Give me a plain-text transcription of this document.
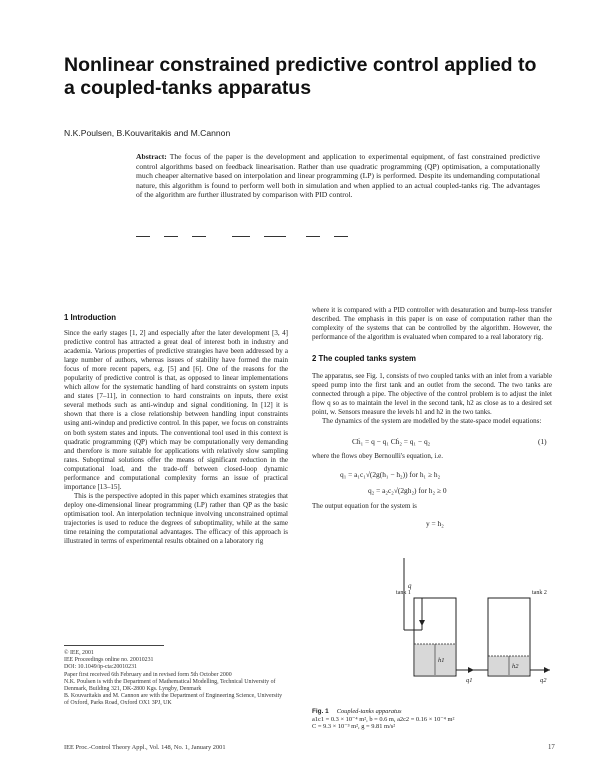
Nonlinear constrained predictive control applied to
a coupled-tanks apparatus
N.K.Poulsen, B.Kouvaritakis and M.Cannon
Abstract: The focus of the paper is the development and application to experimental equipment, of fast constrained predictive control algorithms based on feedback linearisation. Rather than use quadratic programming (QP) optimisation, a computationally much cheaper alternative based on interpolation and linear programming (LP) is performed. Despite its undemanding computational nature, this algorithm is found to perform well both in simulation and when applied to an actual coupled-tanks rig. The advantages of the algorithm are further illustrated by comparison with PID control.
1 Introduction

Since the early stages [1, 2] and especially after the later development [3, 4] predictive control has attracted a great deal of interest both in industry and academia. Various properties of predictive strategies have been addressed by a large number of authors, whereas issues of stability have formed the main focus of more recent papers, e.g. [5] and [6]. One of the reasons for the popularity of predictive control is that, as opposed to linear implementations which allow for the systematic handling of hard constraints on system inputs and states [7–11], in connection to hard constraints on inputs, there exist several methods such as anti-windup and signal conditioning. In [12] it is shown that there is a close relationship between handling input constraints using anti-windup and predictive control. In this paper, we focus on constraints on both system states and inputs. The conventional tool used in this context is quadratic programming (QP) which may be computationally very demanding and therefore is more suitable for applications with relatively slow sampling rates. Suboptimal solutions offer the means of significant reduction in the computational load, and the trade-off between closed-loop dynamic performance and computational complexity forms an issue of practical importance [13–15].

This is the perspective adopted in this paper which examines strategies that deploy one-dimensional linear programming (LP) rather than QP as the basic optimisation tool. An interpolation technique involving unconstrained optimal trajectories is used to reduce the degrees of suboptimality, while at the same time retaining the computational advantages. The efficacy of this approach is illustrated in terms of experimental results obtained on a laboratory rig

© IEE, 2001
IEE Proceedings online no. 20010231
DOI: 10.1049/ip-cta:20010231
Paper first received 6th February and in revised form 5th October 2000
N.K. Poulsen is with the Department of Mathematical Modelling, Technical University of Denmark, Building 321, DK-2800 Kgs. Lyngby, Denmark
B. Kouvaritakis and M. Cannon are with the Department of Engineering Science, University of Oxford, Parks Road, Oxford OX1 3PJ, UK

where it is compared with a PID controller with desaturation and bump-less transfer described. The emphasis in this paper is on ease of computation rather than the complexity of the systems that can be controlled by the algorithm. However, the performance of the algorithm is evaluated when compared to a real laboratory rig.

2 The coupled tanks system

The apparatus, see Fig. 1, consists of two coupled tanks with an inlet from a variable speed pump into the first tank and an outlet from the second. The two tanks are connected through a pipe. The objective of the control problem is to adjust the inlet flow q so as to maintain the level in the second tank, h2 as close as to a desired set point, w. Sensors measure the levels h1 and h2 in the two tanks.

The dynamics of the system are modelled by the state-space model equations:

Cḣ₁ = q − q₁ Cḣ₂ = q₁ − q₂	(1)
where the flows obey Bernoulli's equation, i.e.
q₁ = a₁c₁√(2g(h₁ − h₂)) for h₁ ≥ h₂
q₂ = a₂c₂√(2gh₂) for h₂ ≥ 0
The output equation for the system is
y = h₂
q
tank 1	tank 2
h1
h2
q1	q2
Fig. 1 Coupled-tanks apparatus
a1c1 = 0.3 × 10⁻⁴ m², b = 0.6 m, a2c2 = 0.16 × 10⁻⁴ m²
C = 9.3 × 10⁻³ m², g = 9.81 m/s²
IEE Proc.-Control Theory Appl., Vol. 148, No. 1, January 2001	17
